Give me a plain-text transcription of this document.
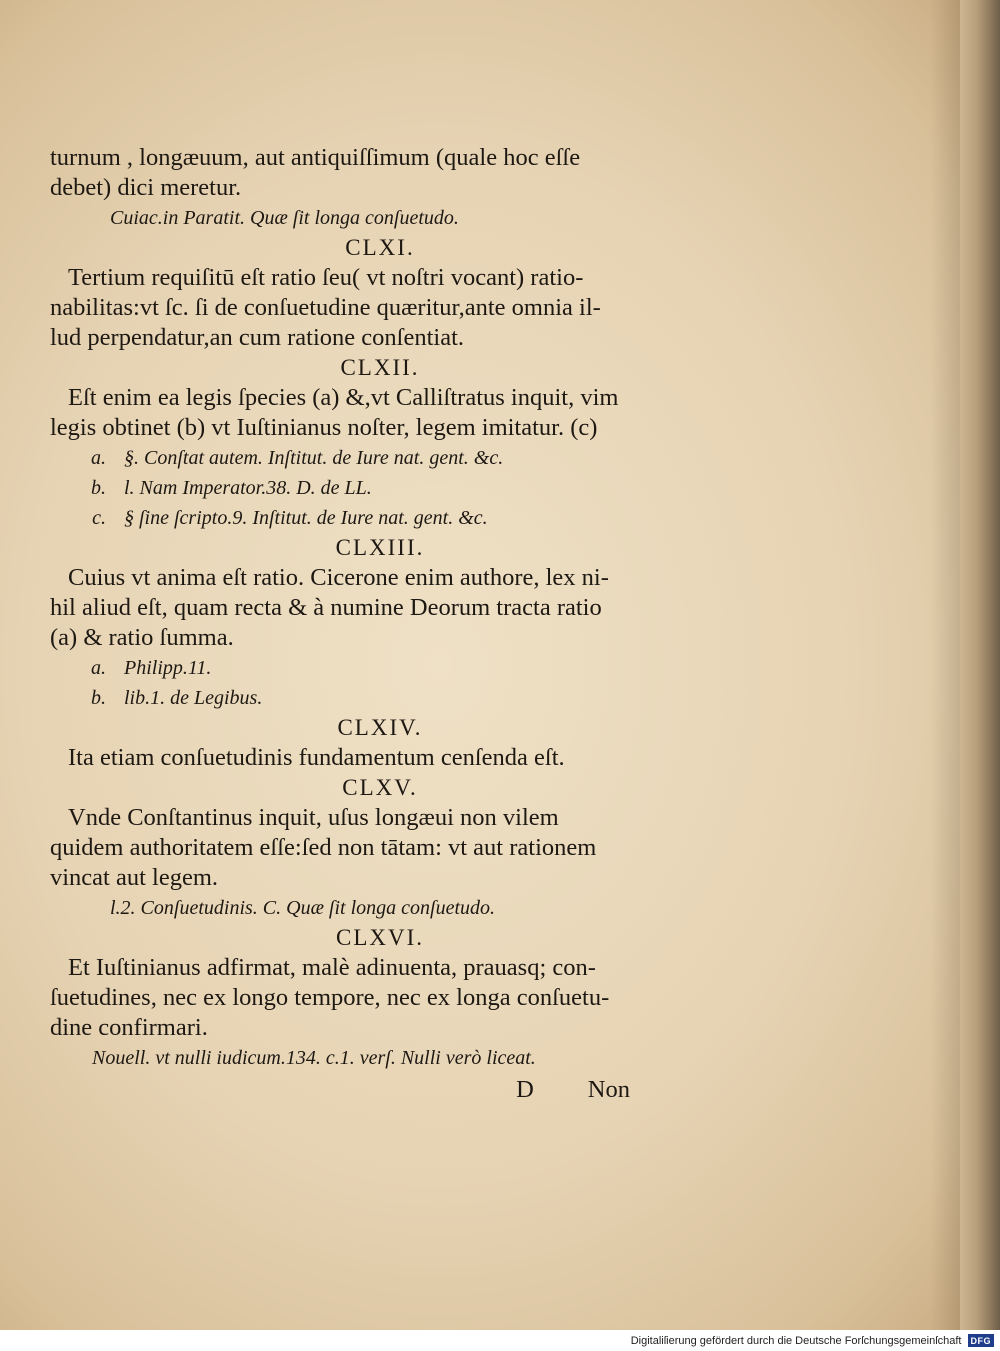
turnum , longæuum, aut antiquiſſimum (quale hoc eſſe
debet) dici meretur.
Cuiac.in Paratit. Quæ ſit longa conſuetudo.
CLXI.
Tertium requiſitū eſt ratio ſeu( vt noſtri vocant) ratio-
nabilitas:vt ſc. ſi de conſuetudine quæritur,ante omnia il-
lud perpendatur,an cum ratione conſentiat.
CLXII.
Eſt enim ea legis ſpecies (a) &,vt Calliſtratus inquit, vim
legis obtinet (b) vt Iuſtinianus noſter, legem imitatur. (c)
a. §. Conſtat autem. Inſtitut. de Iure nat. gent. &c.
b. l. Nam Imperator.38. D. de LL.
c. § ſine ſcripto.9. Inſtitut. de Iure nat. gent. &c.
CLXIII.
Cuius vt anima eſt ratio. Cicerone enim authore, lex ni-
hil aliud eſt, quam recta & à numine Deorum tracta ratio
(a) & ratio ſumma.
a. Philipp.11.
b. lib.1. de Legibus.
CLXIV.
Ita etiam conſuetudinis fundamentum cenſenda eſt.
CLXV.
Vnde Conſtantinus inquit, uſus longæui non vilem
quidem authoritatem eſſe:ſed non tātam: vt aut rationem
vincat aut legem.
l.2. Conſuetudinis. C. Quæ ſit longa conſuetudo.
CLXVI.
Et Iuſtinianus adfirmat, malè adinuenta, prauasq; con-
ſuetudines, nec ex longo tempore, nec ex longa conſuetu-
dine confirmari.
Nouell. vt nulli iudicum.134. c.1. verſ. Nulli verò liceat.
D Non
Digitaliſierung gefördert durch die Deutsche Forſchungsgemeinſchaft	DFG
